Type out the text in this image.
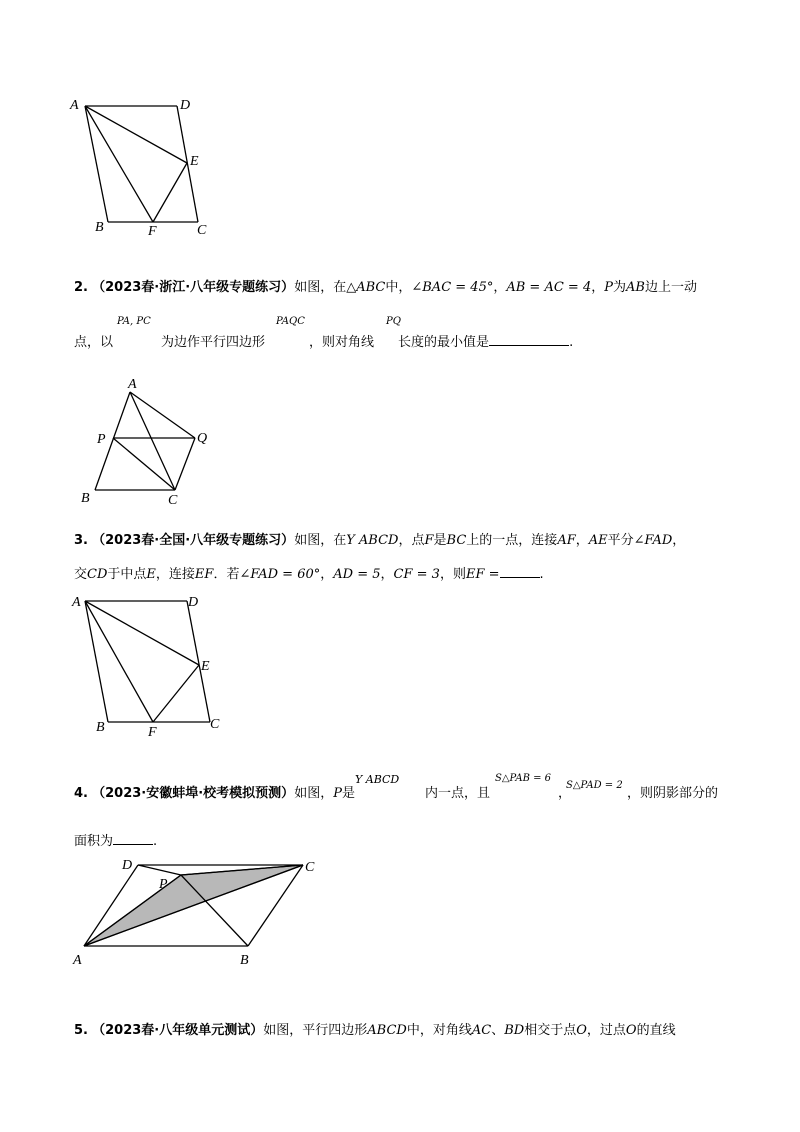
A	D
E
B	F	C
A
P	Q
B	C
A	D
E
B	F
C
D
P
C
A	B
2. （2023春·浙江·八年级专题练习）如图，在△ABC中，∠BAC = 45°，AB = AC = 4，P为AB边上一动
点，以	为边作平行四边形	，则对角线 长度的最小值是	.
PA, PC	PAQC	PQ
3. （2023春·全国·八年级专题练习）如图，在Y ABCD，点F是BC上的一点，连接AF，AE平分∠FAD，
交CD于中点E，连接EF．若∠FAD = 60°，AD = 5，CF = 3，则EF =	.
4. （2023·安徽蚌埠·校考模拟预测）如图，P是	内一点，且	，	，则阴影部分的
Y ABCD	S△PAB = 6
S△PAD = 2
面积为	.
5. （2023春·八年级单元测试）如图，平行四边形ABCD中，对角线AC、BD相交于点O，过点O的直线
